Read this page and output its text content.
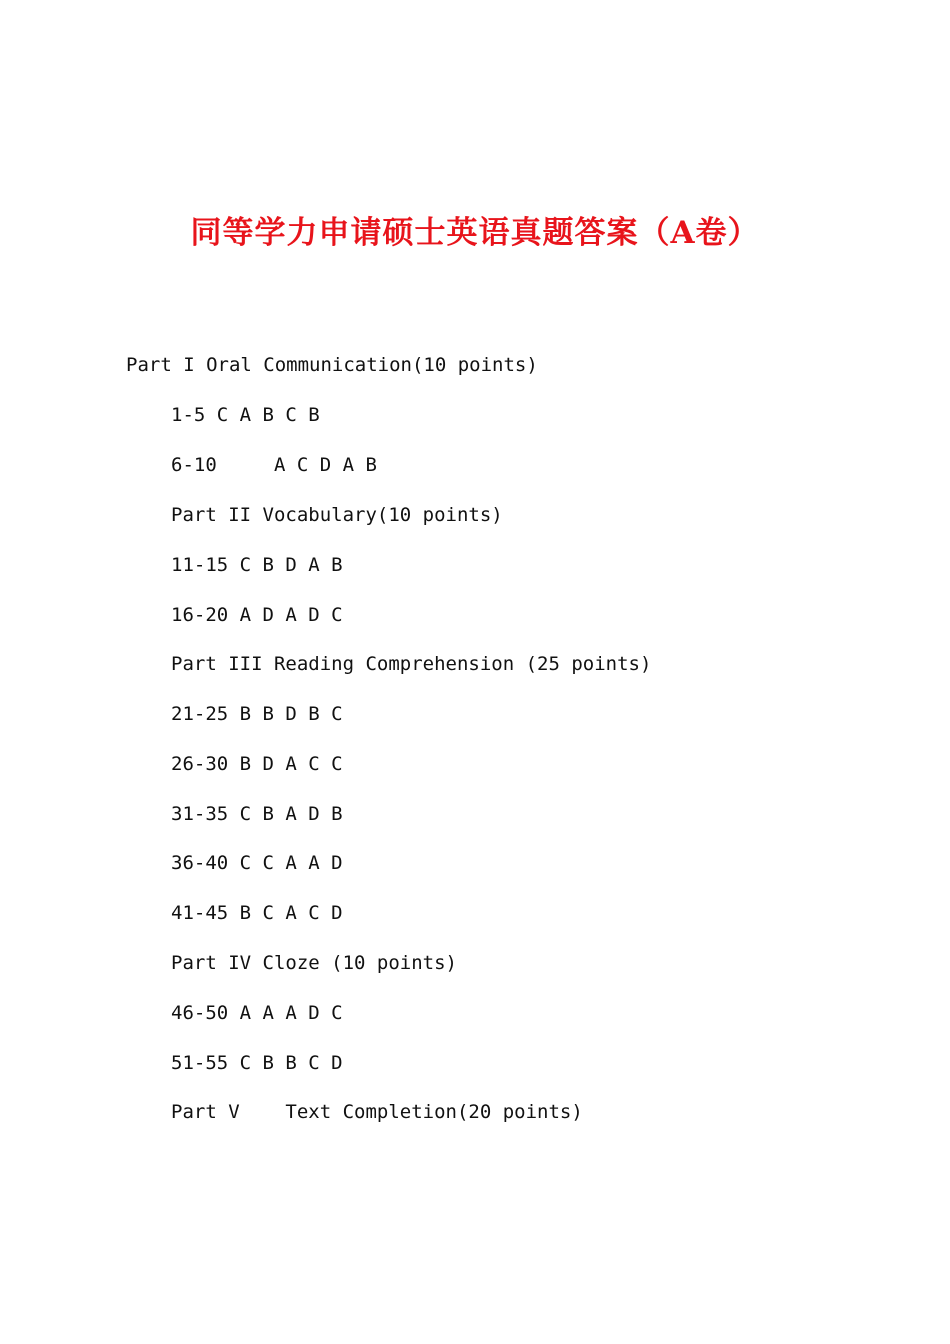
同等学力申请硕士英语真题答案（A卷）
Part I Oral Communication(10 points)
1-5 C A B C B
6-10     A C D A B
Part II Vocabulary(10 points)
11-15 C B D A B
16-20 A D A D C
Part III Reading Comprehension (25 points)
21-25 B B D B C
26-30 B D A C C
31-35 C B A D B
36-40 C C A A D
41-45 B C A C D
Part IV Cloze (10 points)
46-50 A A A D C
51-55 C B B C D
Part V    Text Completion(20 points)
